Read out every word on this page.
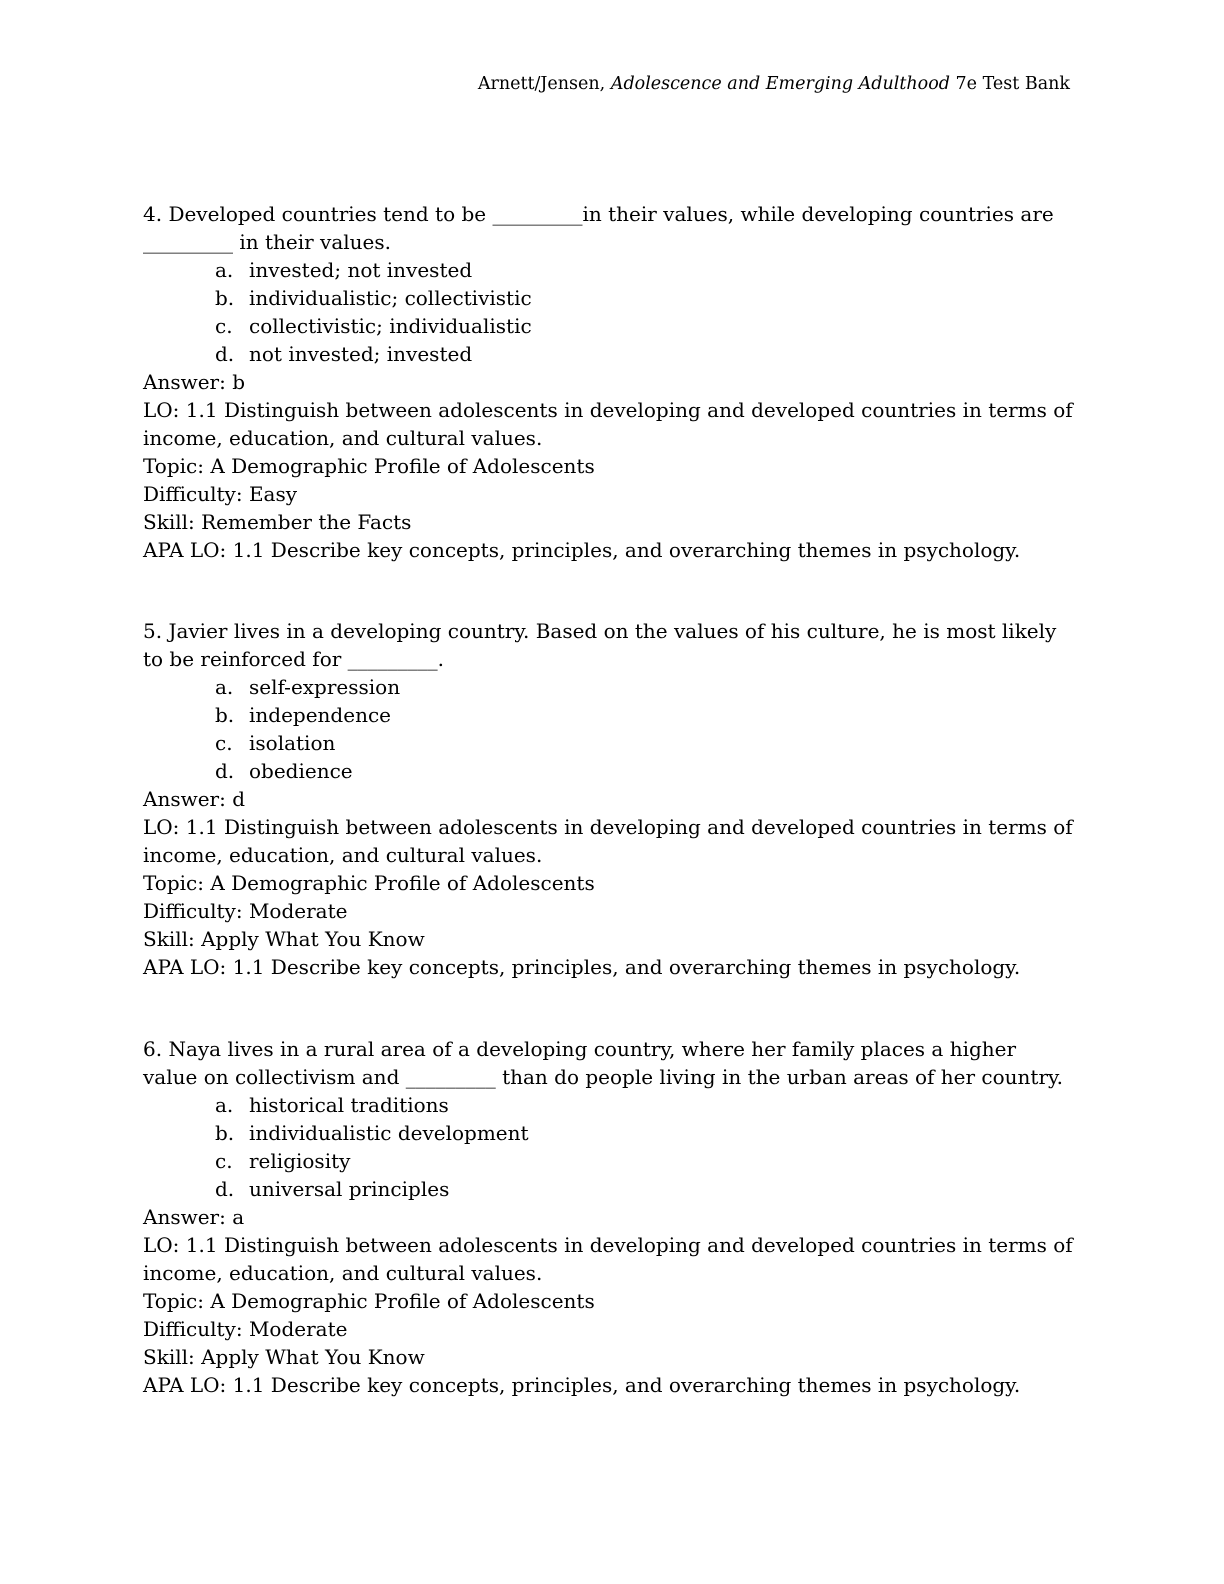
Arnett/Jensen, Adolescence and Emerging Adulthood 7e Test Bank

4. Developed countries tend to be _________in their values, while developing countries are _________ in their values.

a. invested; not invested
b. individualistic; collectivistic
c. collectivistic; individualistic
d. not invested; invested
Answer: b
LO: 1.1 Distinguish between adolescents in developing and developed countries in terms of income, education, and cultural values.
Topic: A Demographic Profile of Adolescents
Difficulty: Easy
Skill: Remember the Facts
APA LO: 1.1 Describe key concepts, principles, and overarching themes in psychology.

5. Javier lives in a developing country. Based on the values of his culture, he is most likely to be reinforced for _________.

a. self-expression
b. independence
c. isolation
d. obedience
Answer: d
LO: 1.1 Distinguish between adolescents in developing and developed countries in terms of income, education, and cultural values.
Topic: A Demographic Profile of Adolescents
Difficulty: Moderate
Skill: Apply What You Know
APA LO: 1.1 Describe key concepts, principles, and overarching themes in psychology.

6. Naya lives in a rural area of a developing country, where her family places a higher value on collectivism and _________ than do people living in the urban areas of her country.

a. historical traditions
b. individualistic development
c. religiosity
d. universal principles
Answer: a
LO: 1.1 Distinguish between adolescents in developing and developed countries in terms of income, education, and cultural values.
Topic: A Demographic Profile of Adolescents
Difficulty: Moderate
Skill: Apply What You Know
APA LO: 1.1 Describe key concepts, principles, and overarching themes in psychology.
